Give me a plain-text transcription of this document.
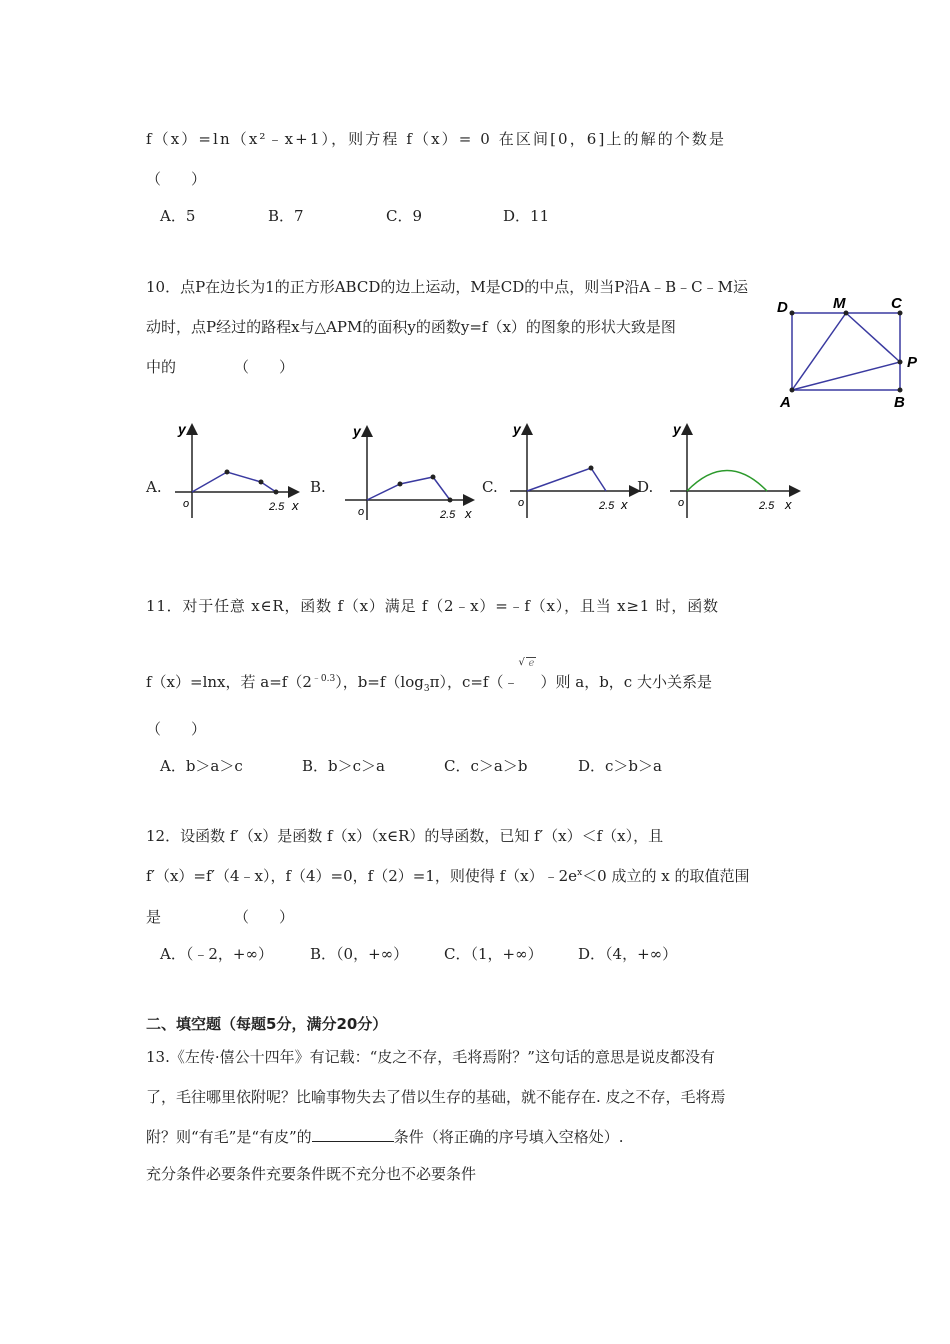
f（x）=ln（x²﹣x+1），则方程 f（x）= 0 在区间[0，6]上的解的个数是
（　　）
A．5	B．7	C．9	D．11
10．点P在边长为1的正方形ABCD的边上运动，M是CD的中点，则当P沿A﹣B﹣C﹣M运
动时，点P经过的路程x与△APM的面积y的函数y=f（x）的图象的形状大致是图
中的	（　　）
D	M	C
P
A	B
A.	B.	C.	D.
y
o	2.5 x
y
o	2.5 x
y
o	2.5 x
y
o	2.5 x
11．对于任意 x∈R，函数 f（x）满足 f（2﹣x）=﹣f（x），且当 x≥1 时，函数
f（x）=lnx，若 $a=f(2^{﹣0.3})$，$b=f(\log_3\pi)$，c=f（﹣
√ e
）则 a，b，c 大小关系是
（　　）
A．b＞a＞c	B．b＞c＞a	C．c＞a＞b	D．c＞b＞a
12．设函数 f′（x）是函数 f（x）（x∈R）的导函数，已知 f′（x）＜f（x），且
f′（x）=f′（4﹣x），f（4）=0，f（2）=1，则使得 $f(x)﹣2e^x<0$ 成立的 x 的取值范围
是	（　　）
A．（﹣2，+∞） B．（0，+∞） C．（1，+∞） D．（4，+∞）
二、填空题（每题5分，满分20分）
13.《左传·僖公十四年》有记载：“皮之不存，毛将焉附？”这句话的意思是说皮都没有
了，毛往哪里依附呢？比喻事物失去了借以生存的基础，就不能存在. 皮之不存，毛将焉
附？则“有毛”是“有皮”的	条件（将正确的序号填入空格处）.
充分条件必要条件充要条件既不充分也不必要条件
